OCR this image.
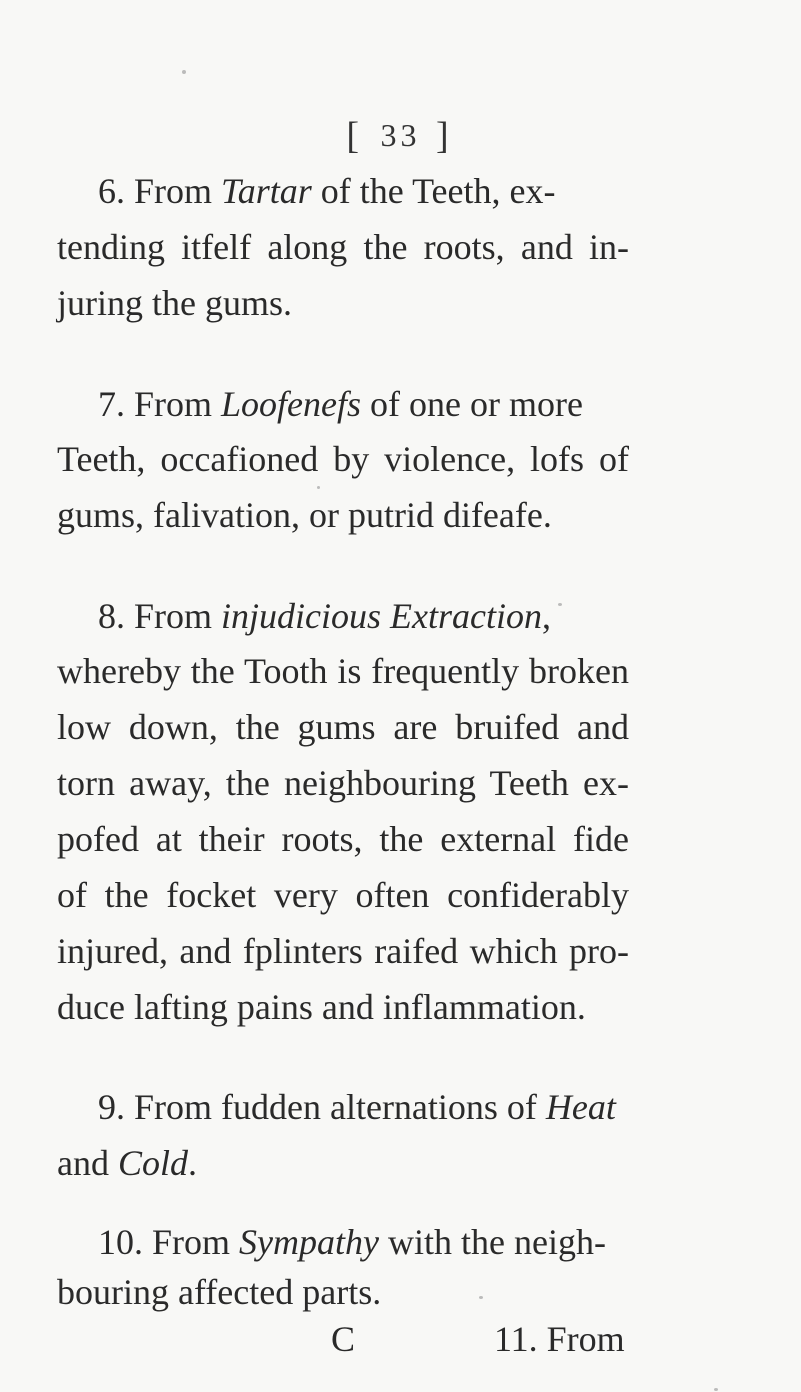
[ 33 ]
6. From Tartar of the Teeth, ex-
tending itfelf along the roots, and in-
juring the gums.
7. From Loofenefs of one or more
Teeth, occafioned by violence, lofs of
gums, falivation, or putrid difeafe.
8. From injudicious Extraction,
whereby the Tooth is frequently broken
low down, the gums are bruifed and
torn away, the neighbouring Teeth ex-
pofed at their roots, the external fide
of the focket very often confiderably
injured, and fplinters raifed which pro-
duce lafting pains and inflammation.
9. From fudden alternations of Heat
and Cold.
10. From Sympathy with the neigh-
bouring affected parts.
C	11. From
